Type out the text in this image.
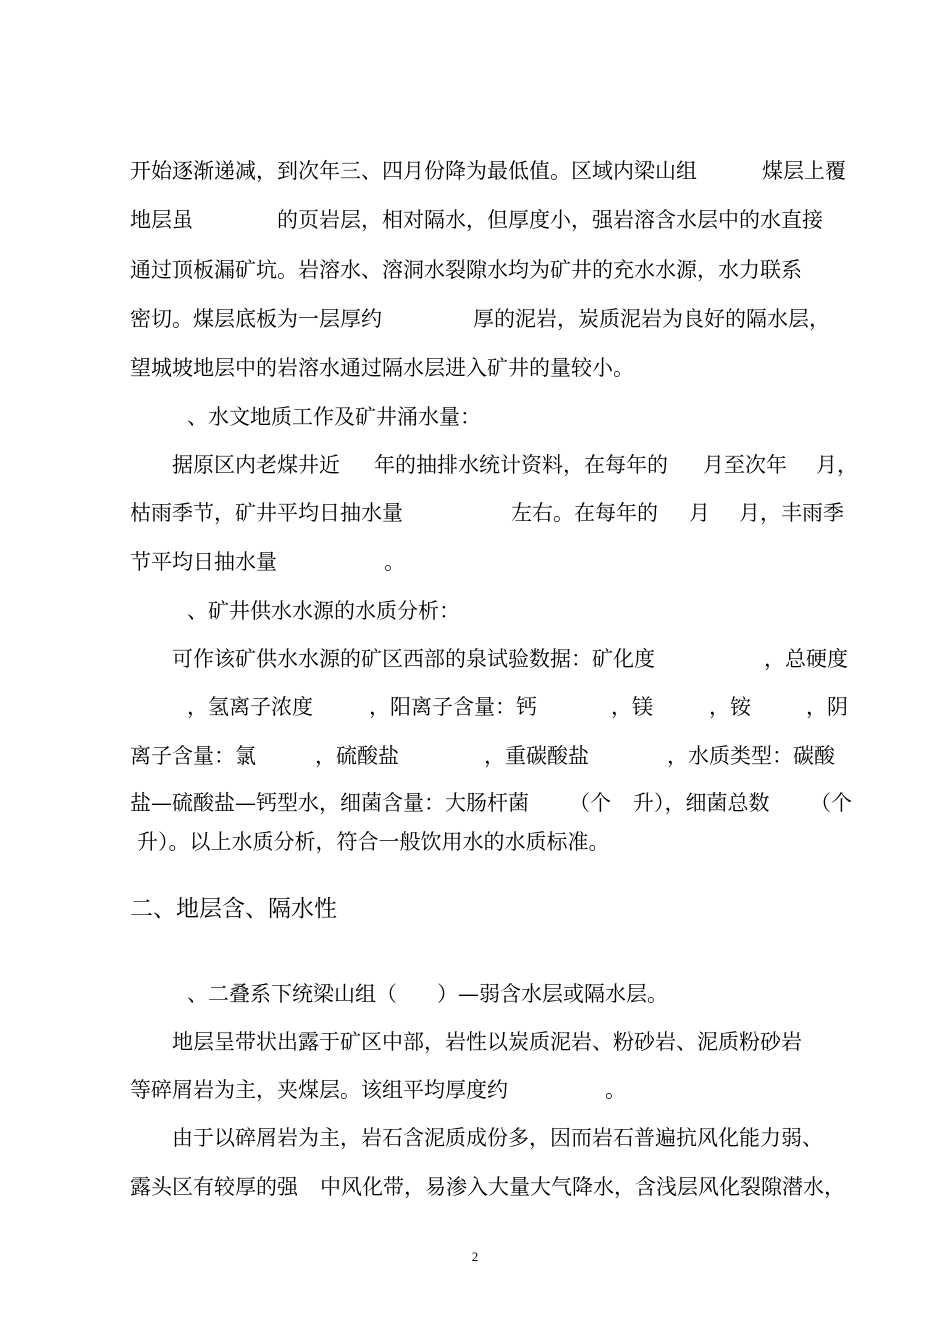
开始逐渐递减，到次年三、四月份降为最低值。区域内梁山组

	煤层上覆

地层虽

	的页岩层，相对隔水，但厚度小，强岩溶含水层中的水直接

通过顶板漏矿坑。岩溶水、溶洞水裂隙水均为矿井的充水水源，水力联系

密切。煤层底板为一层厚约

	厚的泥岩，炭质泥岩为良好的隔水层，

望城坡地层中的岩溶水通过隔水层进入矿井的量较小。

、水文地质工作及矿井涌水量：

据原区内老煤井近

年的抽排水统计资料，在每年的

月至次年

月，

枯雨季节，矿井平均日抽水量

	左右。在每年的

月

月，丰雨季

节平均日抽水量

	。

、矿井供水水源的水质分析：

可作该矿供水水源的矿区西部的泉试验数据：矿化度

	，总硬度

，氢离子浓度

	，阳离子含量：钙

	，镁

	，铵

	，阴

离子含量：氯

	，硫酸盐

	，重碳酸盐

	，水质类型：碳酸

盐—硫酸盐—钙型水，细菌含量：大肠杆菌

（个

升），细菌总数

（个

升）。以上水质分析，符合一般饮用水的水质标准。

二、地层含、隔水性

、二叠系下统梁山组（

）—弱含水层或隔水层。

地层呈带状出露于矿区中部，岩性以炭质泥岩、粉砂岩、泥质粉砂岩

等碎屑岩为主，夹煤层。该组平均厚度约

	。

由于以碎屑岩为主，岩石含泥质成份多，因而岩石普遍抗风化能力弱、

露头区有较厚的强

中风化带，易渗入大量大气降水，含浅层风化裂隙潜水，

2
